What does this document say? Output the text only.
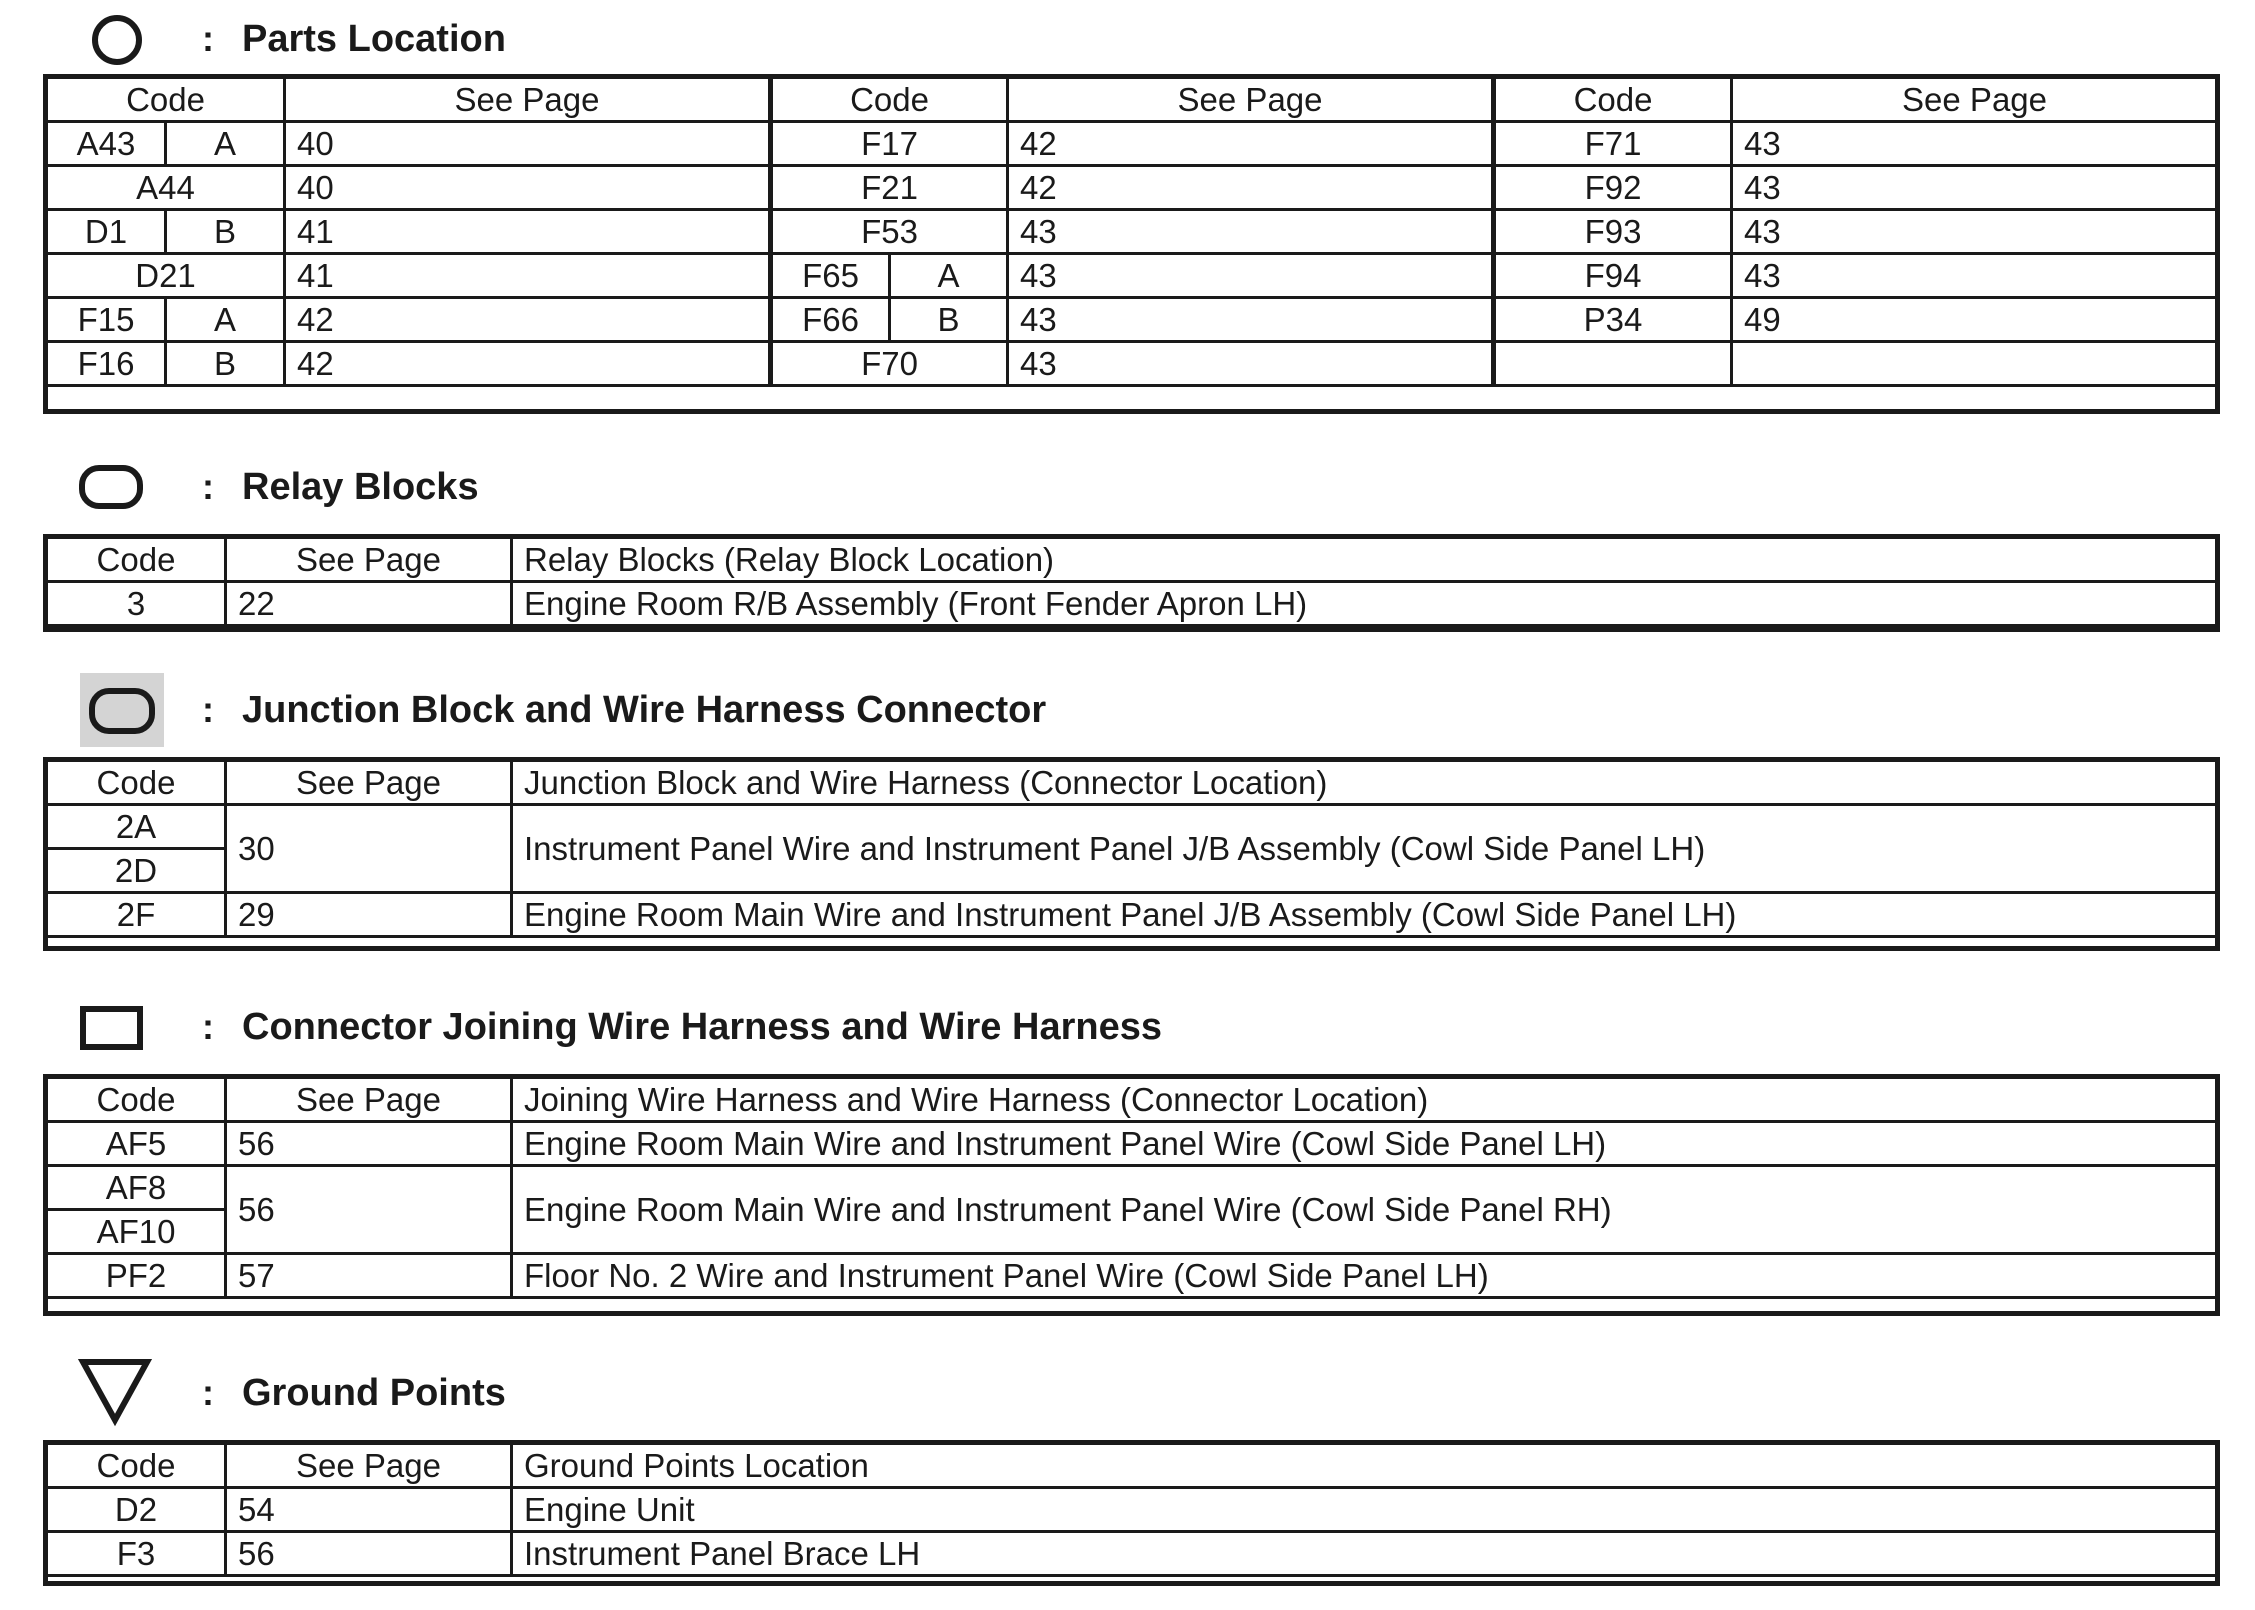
: Parts Location
Code		See Page	Code		See Page	Code	See Page
A43	A	40	F17		42	F71	43
A44		40	F21		42	F92	43
D1	B	41	F53		43	F93	43
D21		41	F65	A	43	F94	43
F15	A	42	F66	B	43	P34	49
F16	B	42	F70		43		
: Relay Blocks
Code	See Page	Relay Blocks (Relay Block Location)
3	22	Engine Room R/B Assembly (Front Fender Apron LH)
: Junction Block and Wire Harness Connector
Code	See Page	Junction Block and Wire Harness (Connector Location)
2A	30	Instrument Panel Wire and Instrument Panel J/B Assembly (Cowl Side Panel LH)
2D		
2F	29	Engine Room Main Wire and Instrument Panel J/B Assembly (Cowl Side Panel LH)
: Connector Joining Wire Harness and Wire Harness
Code	See Page	Joining Wire Harness and Wire Harness (Connector Location)
AF5	56	Engine Room Main Wire and Instrument Panel Wire (Cowl Side Panel LH)
AF8	56	Engine Room Main Wire and Instrument Panel Wire (Cowl Side Panel RH)
AF10		
PF2	57	Floor No. 2 Wire and Instrument Panel Wire (Cowl Side Panel LH)
: Ground Points
Code	See Page	Ground Points Location
D2	54	Engine Unit
F3	56	Instrument Panel Brace LH
